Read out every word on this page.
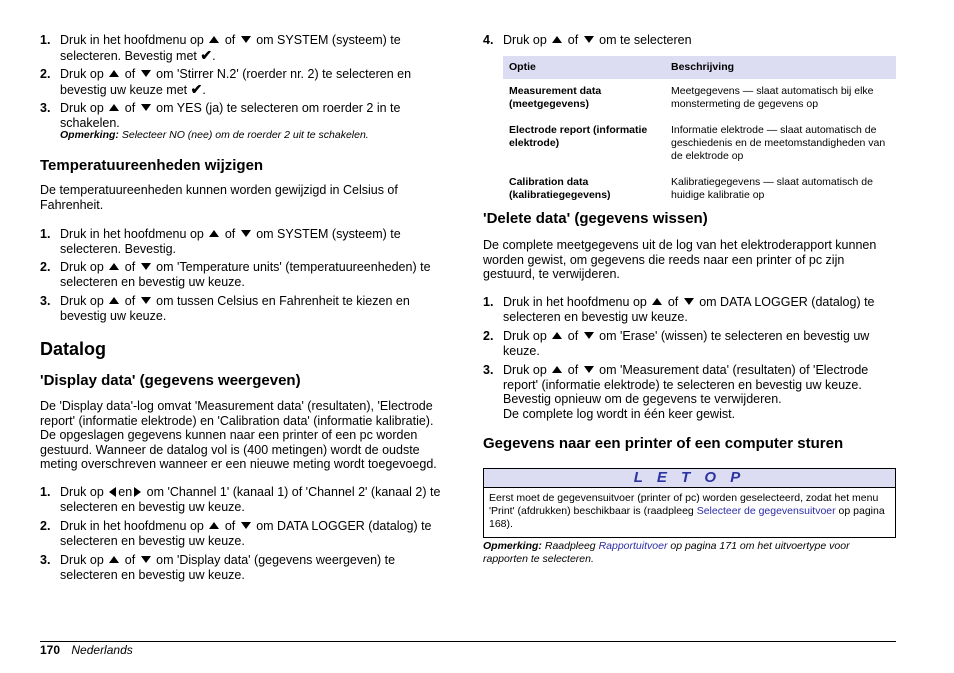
1. Druk in het hoofdmenu op of om SYSTEM (systeem) te selecteren. Bevestig met ✔.
2. Druk op of om 'Stirrer N.2' (roerder nr. 2) te selecteren en bevestig uw keuze met ✔.
3. Druk op of om YES (ja) te selecteren om roerder 2 in te schakelen.
Opmerking: Selecteer NO (nee) om de roerder 2 uit te schakelen.
Temperatuureenheden wijzigen
De temperatuureenheden kunnen worden gewijzigd in Celsius of Fahrenheit.
1. Druk in het hoofdmenu op of om SYSTEM (systeem) te selecteren. Bevestig.
2. Druk op of om 'Temperature units' (temperatuureenheden) te selecteren en bevestig uw keuze.
3. Druk op of om tussen Celsius en Fahrenheit te kiezen en bevestig uw keuze.
Datalog
'Display data' (gegevens weergeven)
De 'Display data'-log omvat 'Measurement data' (resultaten), 'Electrode report' (informatie elektrode) en 'Calibration data' (informatie kalibratie). De opgeslagen gegevens kunnen naar een printer of een pc worden gestuurd. Wanneer de datalog vol is (400 metingen) wordt de oudste meting overschreven wanneer er een nieuwe meting wordt toegevoegd.
1. Druk op en om 'Channel 1' (kanaal 1) of 'Channel 2' (kanaal 2) te selecteren en bevestig uw keuze.
2. Druk in het hoofdmenu op of om DATA LOGGER (datalog) te selecteren en bevestig uw keuze.
3. Druk op of om 'Display data' (gegevens weergeven) te selecteren en bevestig uw keuze.
4. Druk op of om te selecteren
Optie	Beschrijving
Measurement data (meetgegevens)	Meetgegevens — slaat automatisch bij elke monstermeting de gegevens op
Electrode report (informatie elektrode)	Informatie elektrode — slaat automatisch de geschiedenis en de meetomstandigheden van de elektrode op
Calibration data (kalibratiegegevens)	Kalibratiegegevens — slaat automatisch de huidige kalibratie op
'Delete data' (gegevens wissen)
De complete meetgegevens uit de log van het elektroderapport kunnen worden gewist, om gegevens die reeds naar een printer of pc zijn gestuurd, te verwijderen.
1. Druk in het hoofdmenu op of om DATA LOGGER (datalog) te selecteren en bevestig uw keuze.
2. Druk op of om 'Erase' (wissen) te selecteren en bevestig uw keuze.
3. Druk op of om 'Measurement data' (resultaten) of 'Electrode report' (informatie elektrode) te selecteren en bevestig uw keuze.
Bevestig opnieuw om de gegevens te verwijderen.
De complete log wordt in één keer gewist.
Gegevens naar een printer of een computer sturen
L E T O P
Eerst moet de gegevensuitvoer (printer of pc) worden geselecteerd, zodat het menu 'Print' (afdrukken) beschikbaar is (raadpleeg Selecteer de gegevensuitvoer op pagina 168).
Opmerking: Raadpleeg Rapportuitvoer op pagina 171 om het uitvoertype voor rapporten te selecteren.
170 Nederlands
